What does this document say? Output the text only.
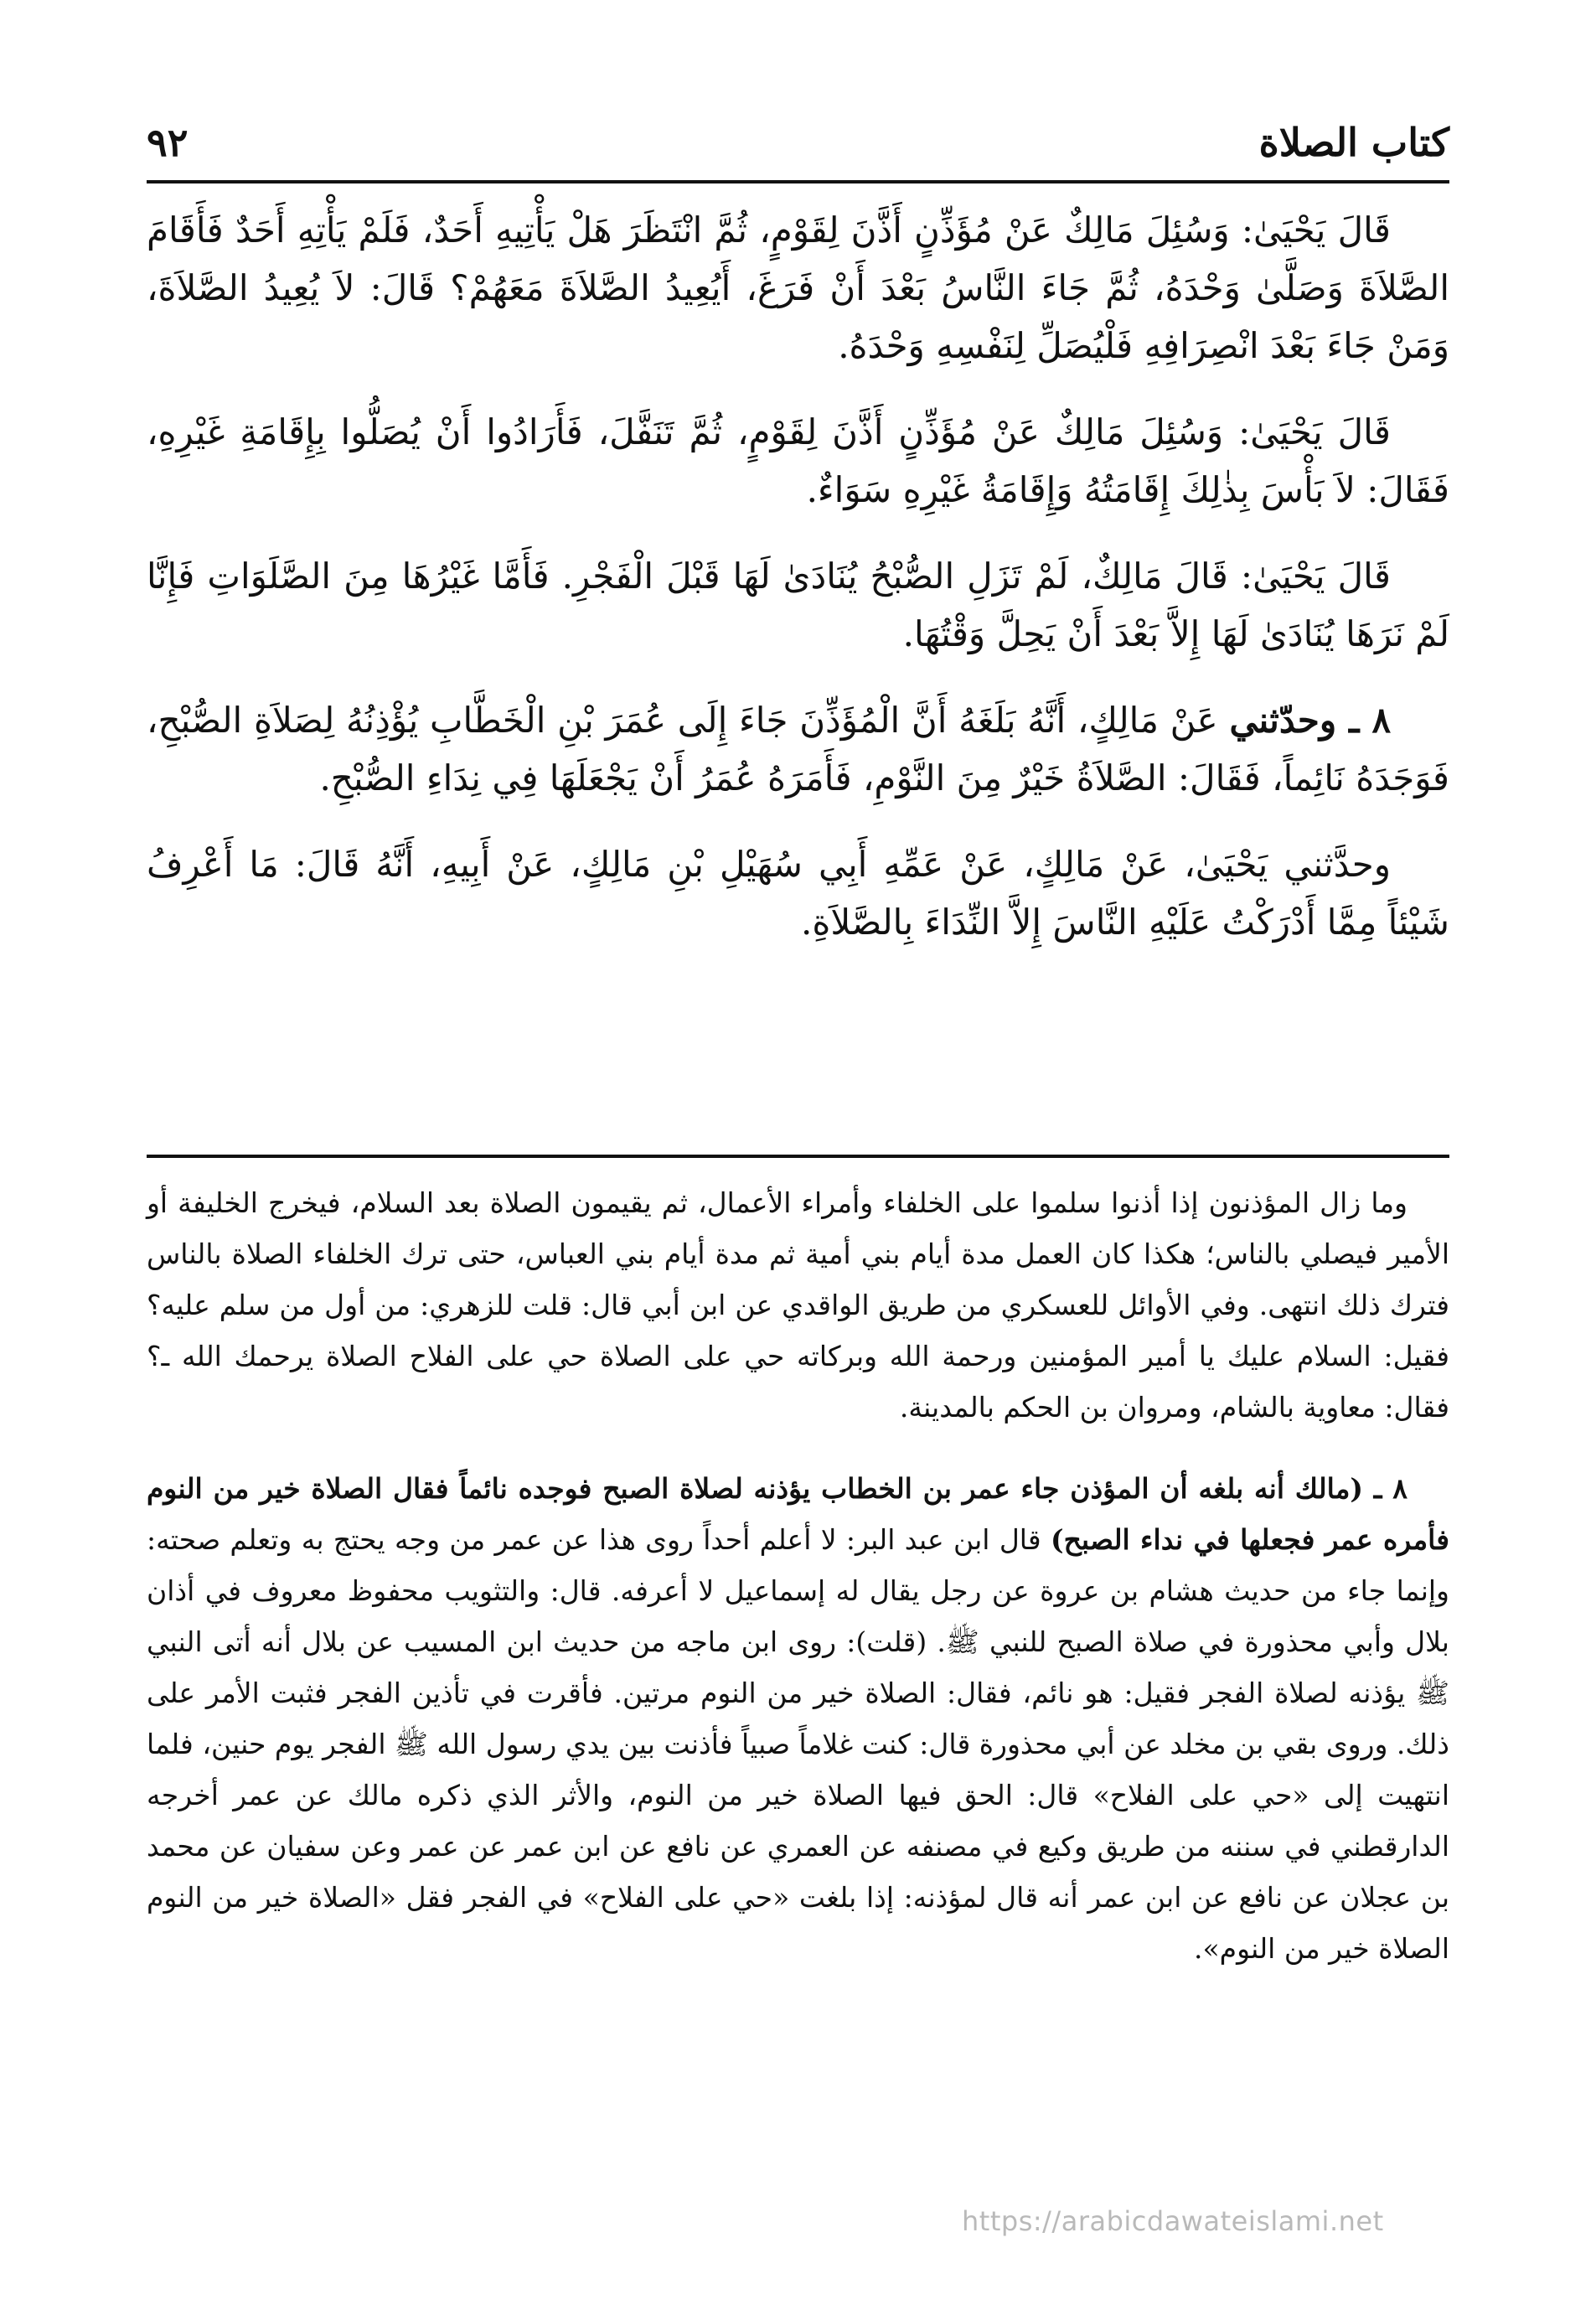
٩٢	كتاب الصلاة

قَالَ يَحْيَىٰ: وَسُئِلَ مَالِكٌ عَنْ مُؤَذِّنٍ أَذَّنَ لِقَوْمٍ، ثُمَّ انْتَظَرَ هَلْ يَأْتِيهِ أَحَدٌ، فَلَمْ يَأْتِهِ أَحَدٌ فَأَقَامَ الصَّلاَةَ وَصَلَّىٰ وَحْدَهُ، ثُمَّ جَاءَ النَّاسُ بَعْدَ أَنْ فَرَغَ، أَيُعِيدُ الصَّلاَةَ مَعَهُمْ؟ قَالَ: لاَ يُعِيدُ الصَّلاَةَ، وَمَنْ جَاءَ بَعْدَ انْصِرَافِهِ فَلْيُصَلِّ لِنَفْسِهِ وَحْدَهُ.

قَالَ يَحْيَىٰ: وَسُئِلَ مَالِكٌ عَنْ مُؤَذِّنٍ أَذَّنَ لِقَوْمٍ، ثُمَّ تَنَفَّلَ، فَأَرَادُوا أَنْ يُصَلُّوا بِإِقَامَةِ غَيْرِهِ، فَقَالَ: لاَ بَأْسَ بِذٰلِكَ إِقَامَتُهُ وَإِقَامَةُ غَيْرِهِ سَوَاءٌ.

قَالَ يَحْيَىٰ: قَالَ مَالِكٌ، لَمْ تَزَلِ الصُّبْحُ يُنَادَىٰ لَهَا قَبْلَ الْفَجْرِ. فَأَمَّا غَيْرُهَا مِنَ الصَّلَوَاتِ فَإِنَّا لَمْ نَرَهَا يُنَادَىٰ لَهَا إِلاَّ بَعْدَ أَنْ يَحِلَّ وَقْتُهَا.

٨ ـ وحدّثني عَنْ مَالِكٍ، أَنَّهُ بَلَغَهُ أَنَّ الْمُؤَذِّنَ جَاءَ إِلَى عُمَرَ بْنِ الْخَطَّابِ يُؤْذِنُهُ لِصَلاَةِ الصُّبْحِ، فَوَجَدَهُ نَائِماً، فَقَالَ: الصَّلاَةُ خَيْرٌ مِنَ النَّوْمِ، فَأَمَرَهُ عُمَرُ أَنْ يَجْعَلَهَا فِي نِدَاءِ الصُّبْحِ.

وحدَّثني يَحْيَىٰ، عَنْ مَالِكٍ، عَنْ عَمِّهِ أَبِي سُهَيْلِ بْنِ مَالِكٍ، عَنْ أَبِيهِ، أَنَّهُ قَالَ: مَا أَعْرِفُ شَيْئاً مِمَّا أَدْرَكْتُ عَلَيْهِ النَّاسَ إِلاَّ النِّدَاءَ بِالصَّلاَةِ.

وما زال المؤذنون إذا أذنوا سلموا على الخلفاء وأمراء الأعمال، ثم يقيمون الصلاة بعد السلام، فيخرج الخليفة أو الأمير فيصلي بالناس؛ هكذا كان العمل مدة أيام بني أمية ثم مدة أيام بني العباس، حتى ترك الخلفاء الصلاة بالناس فترك ذلك انتهى. وفي الأوائل للعسكري من طريق الواقدي عن ابن أبي قال: قلت للزهري: من أول من سلم عليه؟ فقيل: السلام عليك يا أمير المؤمنين ورحمة الله وبركاته حي على الصلاة حي على الفلاح الصلاة يرحمك الله ـ؟ فقال: معاوية بالشام، ومروان بن الحكم بالمدينة.

٨ ـ (مالك أنه بلغه أن المؤذن جاء عمر بن الخطاب يؤذنه لصلاة الصبح فوجده نائماً فقال الصلاة خير من النوم فأمره عمر فجعلها في نداء الصبح) قال ابن عبد البر: لا أعلم أحداً روى هذا عن عمر من وجه يحتج به وتعلم صحته: وإنما جاء من حديث هشام بن عروة عن رجل يقال له إسماعيل لا أعرفه. قال: والتثويب محفوظ معروف في أذان بلال وأبي محذورة في صلاة الصبح للنبي ﷺ. (قلت): روى ابن ماجه من حديث ابن المسيب عن بلال أنه أتى النبي ﷺ يؤذنه لصلاة الفجر فقيل: هو نائم، فقال: الصلاة خير من النوم مرتين. فأقرت في تأذين الفجر فثبت الأمر على ذلك. وروى بقي بن مخلد عن أبي محذورة قال: كنت غلاماً صبياً فأذنت بين يدي رسول الله ﷺ الفجر يوم حنين، فلما انتهيت إلى «حي على الفلاح» قال: الحق فيها الصلاة خير من النوم، والأثر الذي ذكره مالك عن عمر أخرجه الدارقطني في سننه من طريق وكيع في مصنفه عن العمري عن نافع عن ابن عمر عن عمر وعن سفيان عن محمد بن عجلان عن نافع عن ابن عمر أنه قال لمؤذنه: إذا بلغت «حي على الفلاح» في الفجر فقل «الصلاة خير من النوم الصلاة خير من النوم».

https://arabicdawateislami.net
